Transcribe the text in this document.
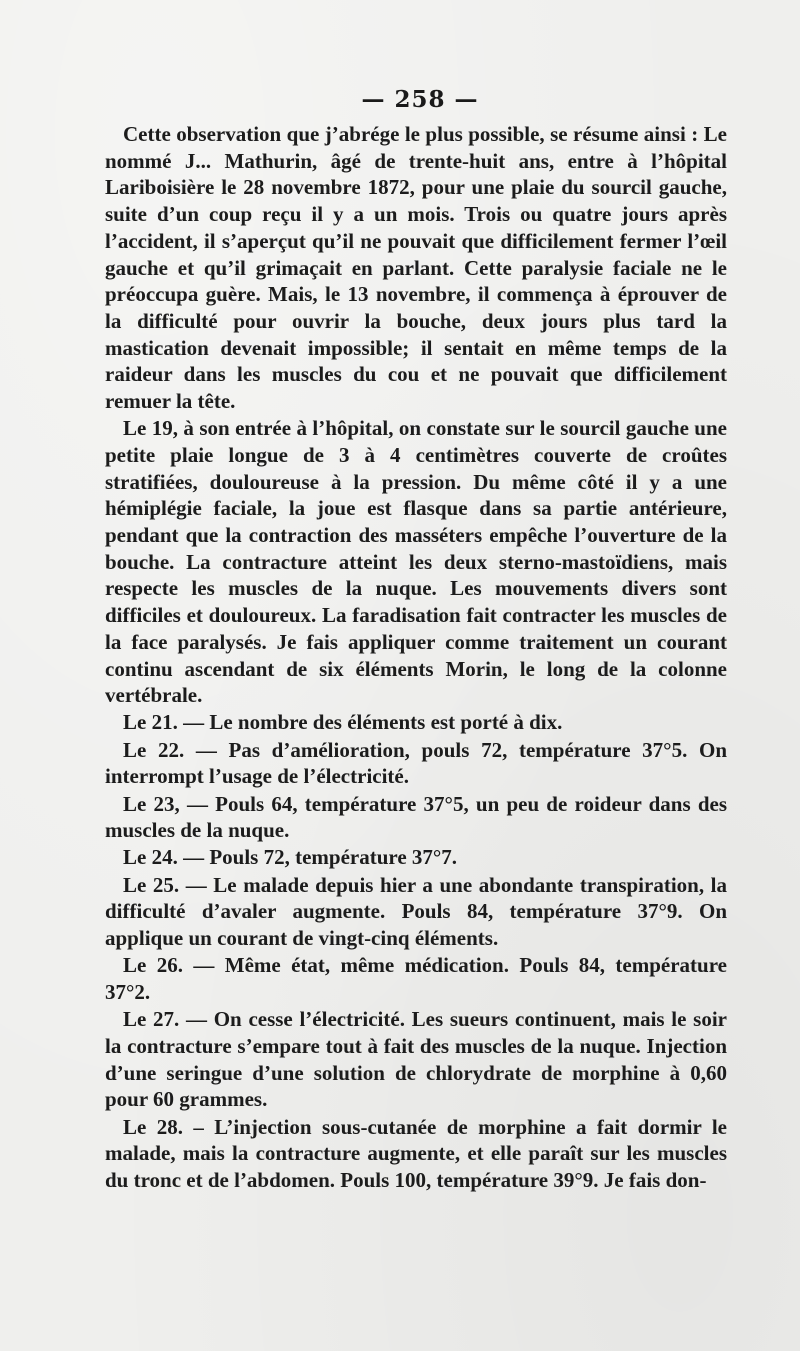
— 258 —

Cette observation que j’abrége le plus possible, se résume ainsi : Le nommé J... Mathurin, âgé de trente-huit ans, entre à l’hôpital Lariboisière le 28 novembre 1872, pour une plaie du sourcil gauche, suite d’un coup reçu il y a un mois. Trois ou quatre jours après l’accident, il s’aperçut qu’il ne pouvait que difficilement fermer l’œil gauche et qu’il grimaçait en parlant. Cette paralysie faciale ne le préoccupa guère. Mais, le 13 novembre, il commença à éprouver de la difficulté pour ouvrir la bouche, deux jours plus tard la mastication devenait impossible; il sentait en même temps de la raideur dans les muscles du cou et ne pouvait que difficilement remuer la tête.

Le 19, à son entrée à l’hôpital, on constate sur le sourcil gauche une petite plaie longue de 3 à 4 centimètres couverte de croûtes stratifiées, douloureuse à la pression. Du même côté il y a une hémiplégie faciale, la joue est flasque dans sa partie antérieure, pendant que la contraction des masséters empêche l’ouverture de la bouche. La contracture atteint les deux sterno-mastoïdiens, mais respecte les muscles de la nuque. Les mouvements divers sont difficiles et douloureux. La faradisation fait contracter les muscles de la face paralysés. Je fais appliquer comme traitement un courant continu ascendant de six éléments Morin, le long de la colonne vertébrale.

Le 21. — Le nombre des éléments est porté à dix.

Le 22. — Pas d’amélioration, pouls 72, température 37°5. On interrompt l’usage de l’électricité.

Le 23, — Pouls 64, température 37°5, un peu de roideur dans des muscles de la nuque.

Le 24. — Pouls 72, température 37°7.

Le 25. — Le malade depuis hier a une abondante transpiration, la difficulté d’avaler augmente. Pouls 84, température 37°9. On applique un courant de vingt-cinq éléments.

Le 26. — Même état, même médication. Pouls 84, température 37°2.

Le 27. — On cesse l’électricité. Les sueurs continuent, mais le soir la contracture s’empare tout à fait des muscles de la nuque. Injection d’une seringue d’une solution de chlorydrate de morphine à 0,60 pour 60 grammes.

Le 28. – L’injection sous-cutanée de morphine a fait dormir le malade, mais la contracture augmente, et elle paraît sur les muscles du tronc et de l’abdomen. Pouls 100, température 39°9. Je fais don-
